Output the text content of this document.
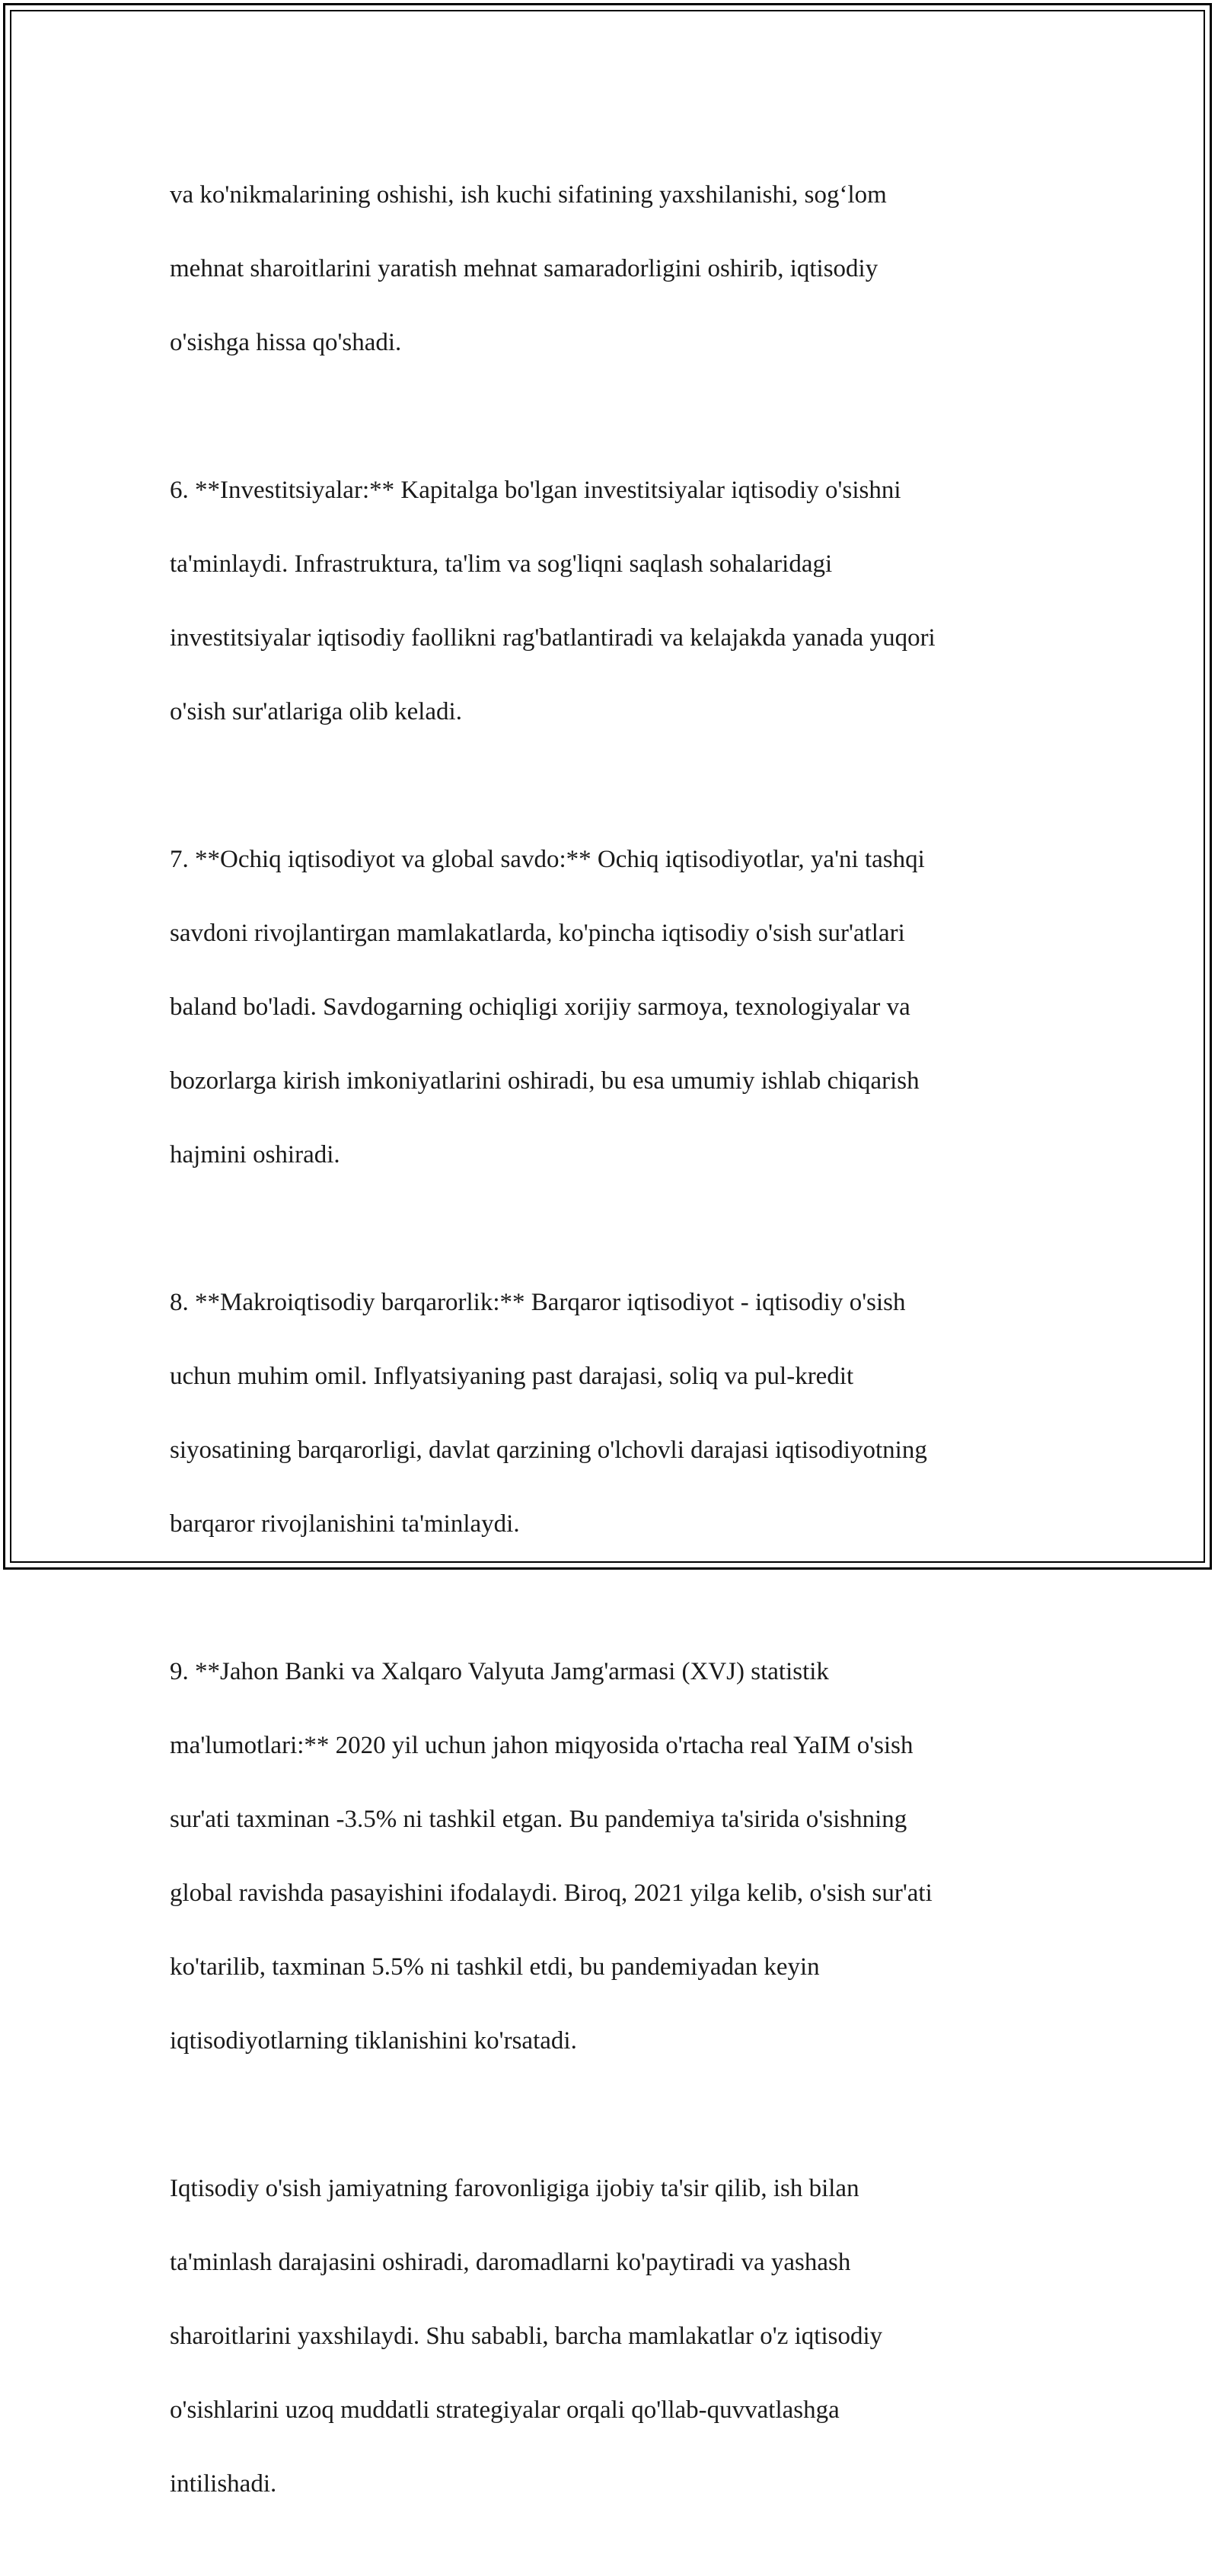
va ko'nikmalarining oshishi, ish kuchi sifatining yaxshilanishi, sog‘lom

mehnat sharoitlarini yaratish mehnat samaradorligini oshirib, iqtisodiy

o'sishga hissa qo'shadi.

6. **Investitsiyalar:** Kapitalga bo'lgan investitsiyalar iqtisodiy o'sishni

ta'minlaydi. Infrastruktura, ta'lim va sog'liqni saqlash sohalaridagi

investitsiyalar iqtisodiy faollikni rag'batlantiradi va kelajakda yanada yuqori

o'sish sur'atlariga olib keladi.

7. **Ochiq iqtisodiyot va global savdo:** Ochiq iqtisodiyotlar, ya'ni tashqi

savdoni rivojlantirgan mamlakatlarda, ko'pincha iqtisodiy o'sish sur'atlari

baland bo'ladi. Savdogarning ochiqligi xorijiy sarmoya, texnologiyalar va

bozorlarga kirish imkoniyatlarini oshiradi, bu esa umumiy ishlab chiqarish

hajmini oshiradi.

8. **Makroiqtisodiy barqarorlik:** Barqaror iqtisodiyot - iqtisodiy o'sish

uchun muhim omil. Inflyatsiyaning past darajasi, soliq va pul-kredit

siyosatining barqarorligi, davlat qarzining o'lchovli darajasi iqtisodiyotning

barqaror rivojlanishini ta'minlaydi.

9. **Jahon Banki va Xalqaro Valyuta Jamg'armasi (XVJ) statistik

ma'lumotlari:** 2020 yil uchun jahon miqyosida o'rtacha real YaIM o'sish

sur'ati taxminan -3.5% ni tashkil etgan. Bu pandemiya ta'sirida o'sishning

global ravishda pasayishini ifodalaydi. Biroq, 2021 yilga kelib, o'sish sur'ati

ko'tarilib, taxminan 5.5% ni tashkil etdi, bu pandemiyadan keyin

iqtisodiyotlarning tiklanishini ko'rsatadi.

Iqtisodiy o'sish jamiyatning farovonligiga ijobiy ta'sir qilib, ish bilan

ta'minlash darajasini oshiradi, daromadlarni ko'paytiradi va yashash

sharoitlarini yaxshilaydi. Shu sababli, barcha mamlakatlar o'z iqtisodiy

o'sishlarini uzoq muddatli strategiyalar orqali qo'llab-quvvatlashga

intilishadi.
